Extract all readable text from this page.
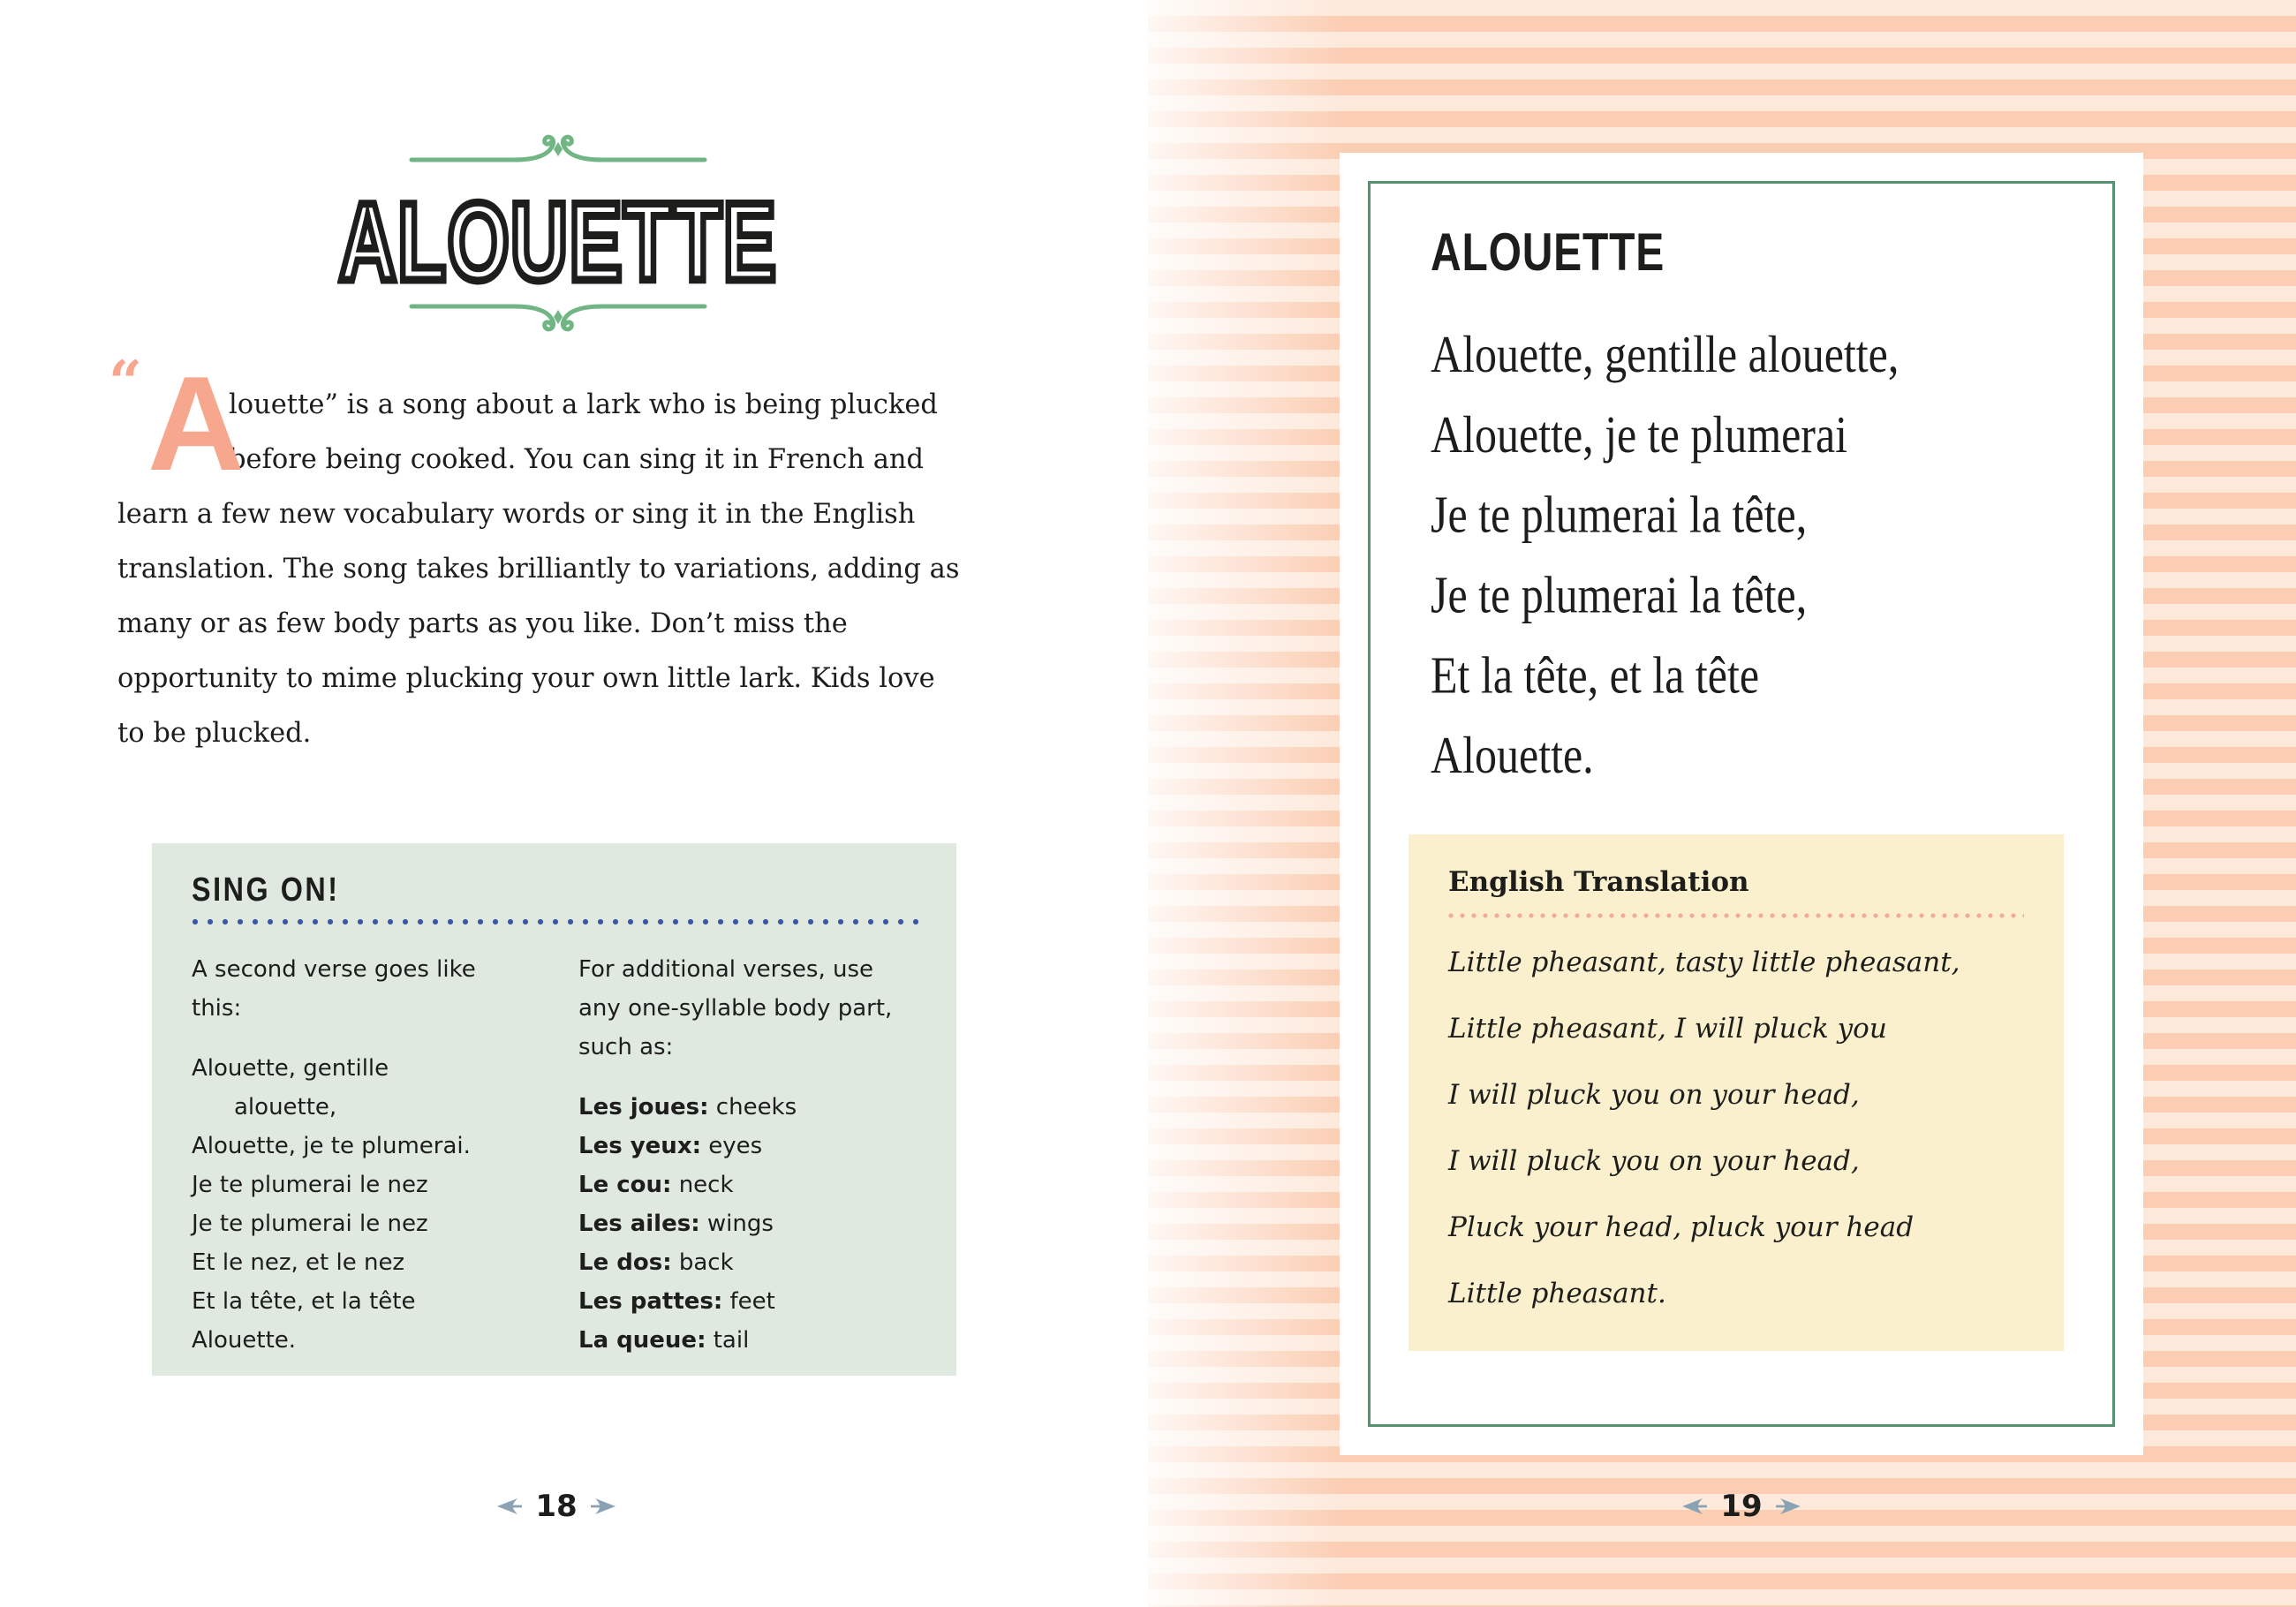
ALOUETTE
“ A
louette” is a song about a lark who is being plucked before being cooked. You can sing it in French and learn a few new vocabulary words or sing it in the English translation. The song takes brilliantly to variations, adding as many or as few body parts as you like. Don’t miss the opportunity to mime plucking your own little lark. Kids love to be plucked.
SING ON!

A second verse goes like this:

Alouette, gentille
alouette,
Alouette, je te plumerai.
Je te plumerai le nez
Je te plumerai le nez
Et le nez, et le nez
Et la tête, et la tête
Alouette.

For additional verses, use any one-syllable body part, such as:

Les joues: cheeks
Les yeux: eyes
Le cou: neck
Les ailes: wings
Le dos: back
Les pattes: feet
La queue: tail
18
ALOUETTE
Alouette, gentille alouette,
Alouette, je te plumerai
Je te plumerai la tête,
Je te plumerai la tête,
Et la tête, et la tête
Alouette.
English Translation
Little pheasant, tasty little pheasant,
Little pheasant, I will pluck you
I will pluck you on your head,
I will pluck you on your head,
Pluck your head, pluck your head
Little pheasant.
19
